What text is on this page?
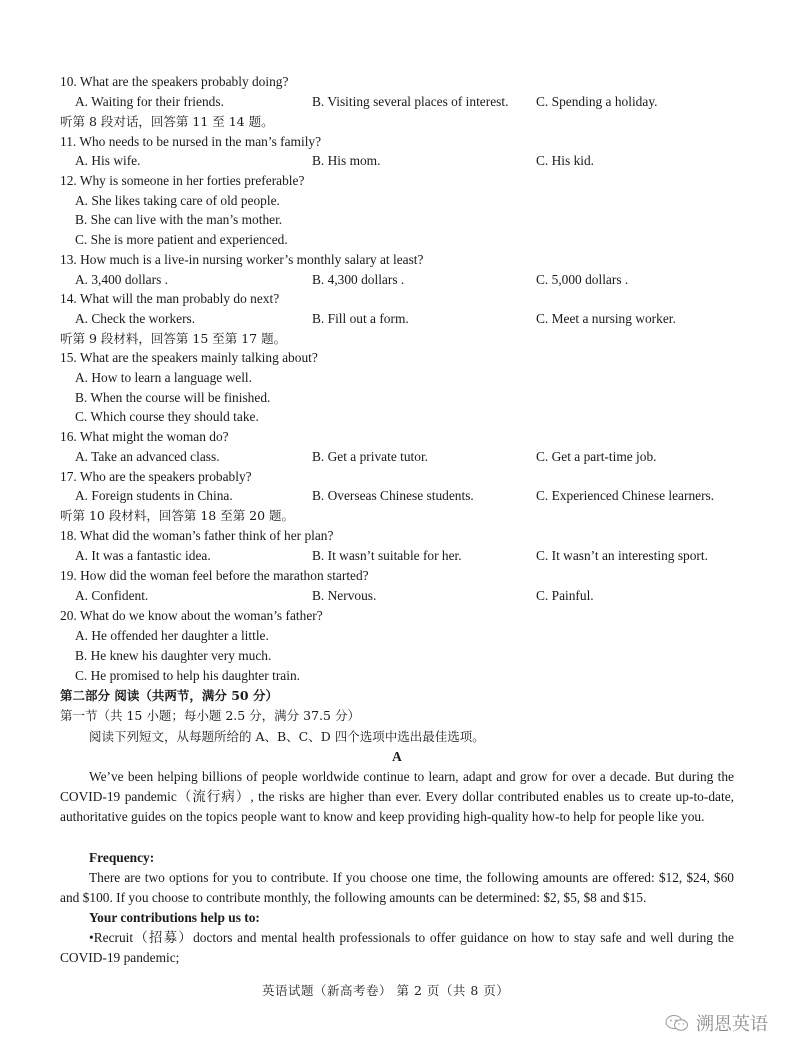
10. What are the speakers probably doing?
A. Waiting for their friends.	B. Visiting several places of interest. C. Spending a holiday.
听第 8 段对话，回答第 11 至 14 题。
11. Who needs to be nursed in the man’s family?
A. His wife.	B. His mom.	C. His kid.
12. Why is someone in her forties preferable?
A. She likes taking care of old people.
B. She can live with the man’s mother.
C. She is more patient and experienced.
13. How much is a live-in nursing worker’s monthly salary at least?
A. 3,400 dollars .	B. 4,300 dollars .	C. 5,000 dollars .
14. What will the man probably do next?
A. Check the workers.	B. Fill out a form.	C. Meet a nursing worker.
听第 9 段材料，回答第 15 至第 17 题。
15. What are the speakers mainly talking about?
A. How to learn a language well.
B. When the course will be finished.
C. Which course they should take.
16. What might the woman do?
A. Take an advanced class.	B. Get a private tutor.	C. Get a part-time job.
17. Who are the speakers probably?
A. Foreign students in China.	B. Overseas Chinese students.	C. Experienced Chinese learners.
听第 10 段材料，回答第 18 至第 20 题。
18. What did the woman’s father think of her plan?
A. It was a fantastic idea.	B. It wasn’t suitable for her.	C. It wasn’t an interesting sport.
19. How did the woman feel before the marathon started?
A. Confident.	B. Nervous.	C. Painful.
20. What do we know about the woman’s father?
A. He offended her daughter a little.
B. He knew his daughter very much.
C. He promised to help his daughter train.
第二部分 阅读（共两节，满分 50 分）
第一节（共 15 小题；每小题 2.5 分，满分 37.5 分）
阅读下列短文，从每题所给的 A、B、C、D 四个选项中选出最佳选项。
A
We’ve been helping billions of people worldwide continue to learn, adapt and grow for over a decade. But during the COVID-19 pandemic（流行病）, the risks are higher than ever. Every dollar contributed enables us to create up-to-date, authoritative guides on the topics people want to know and keep providing high-quality how-to help for people like you.
Frequency:
There are two options for you to contribute. If you choose one time, the following amounts are offered: $12, $24, $60 and $100. If you choose to contribute monthly, the following amounts can be determined: $2, $5, $8 and $15.
Your contributions help us to:
•Recruit（招募）doctors and mental health professionals to offer guidance on how to stay safe and well during the COVID-19 pandemic;
英语试题（新高考卷） 第 2 页（共 8 页）
溯恩英语
